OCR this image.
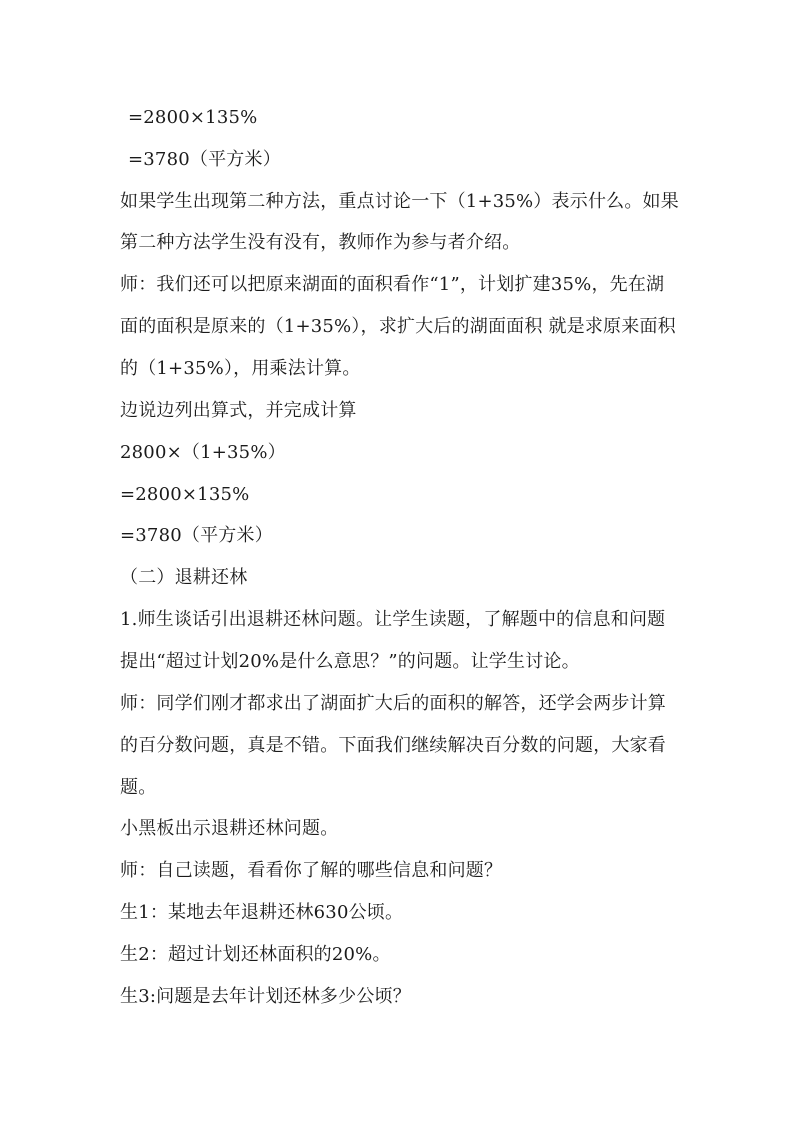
=2800×135%
=3780（平方米）
如果学生出现第二种方法，重点讨论一下（1+35%）表示什么。如果
第二种方法学生没有没有，教师作为参与者介绍。
师：我们还可以把原来湖面的面积看作“1”，计划扩建35%，先在湖
面的面积是原来的（1+35%），求扩大后的湖面面积 就是求原来面积
的（1+35%），用乘法计算。
边说边列出算式，并完成计算
2800×（1+35%）
=2800×135%
=3780（平方米）
（二）退耕还林
1.师生谈话引出退耕还林问题。让学生读题，了解题中的信息和问题
提出“超过计划20%是什么意思？”的问题。让学生讨论。
师：同学们刚才都求出了湖面扩大后的面积的解答，还学会两步计算
的百分数问题，真是不错。下面我们继续解决百分数的问题，大家看
题。
小黑板出示退耕还林问题。
师：自己读题，看看你了解的哪些信息和问题？
生1：某地去年退耕还林630公顷。
生2：超过计划还林面积的20%。
生3:问题是去年计划还林多少公顷？
